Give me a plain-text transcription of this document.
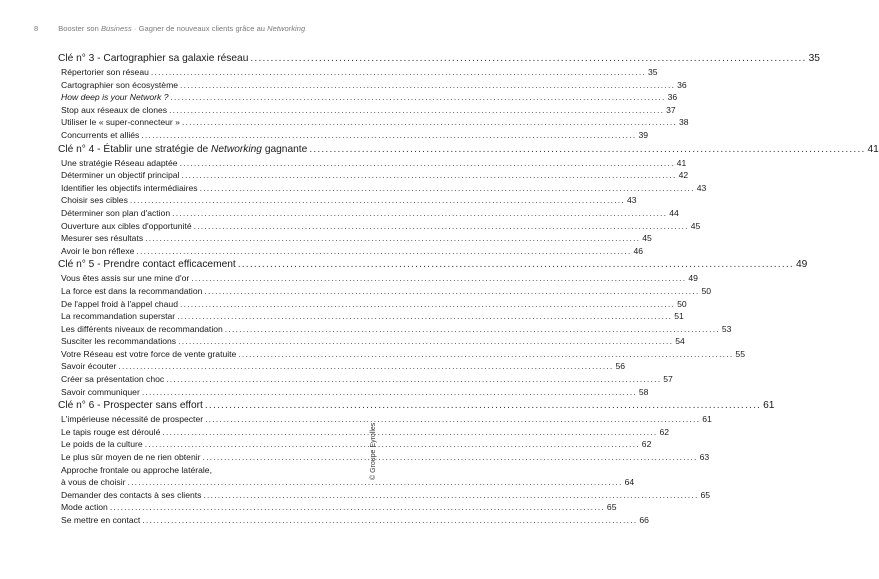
8	Booster son Business · Gagner de nouveaux clients grâce au Networking
Clé n° 3 - Cartographier sa galaxie réseau .....	35
Répertorier son réseau .....	35
Cartographier son écosystème .....	36
How deep is your Network ? .....	36
Stop aux réseaux de clones .....	37
Utiliser le « super-connecteur » .....	38
Concurrents et alliés .....	39
Clé n° 4 - Établir une stratégie de Networking gagnante .....	41
Une stratégie Réseau adaptée .....	41
Déterminer un objectif principal .....	42
Identifier les objectifs intermédiaires .....	43
Choisir ses cibles .....	43
Déterminer son plan d'action .....	44
Ouverture aux cibles d'opportunité .....	45
Mesurer ses résultats .....	45
Avoir le bon réflexe .....	46
Clé n° 5 - Prendre contact efficacement .....	49
Vous êtes assis sur une mine d'or .....	49
La force est dans la recommandation .....	50
De l'appel froid à l'appel chaud .....	50
La recommandation superstar .....	51
Les différents niveaux de recommandation .....	53
Susciter les recommandations .....	54
Votre Réseau est votre force de vente gratuite .....	55
Savoir écouter .....	56
Créer sa présentation choc .....	57
Savoir communiquer .....	58
Clé n° 6 - Prospecter sans effort .....	61
L'impérieuse nécessité de prospecter .....	61
Le tapis rouge est déroulé .....	62
Le poids de la culture .....	62
Le plus sûr moyen de ne rien obtenir .....	63
Approche frontale ou approche latérale,
à vous de choisir .....	64
Demander des contacts à ses clients .....	65
Mode action .....	65
Se mettre en contact .....	66
© Groupe Eyrolles
